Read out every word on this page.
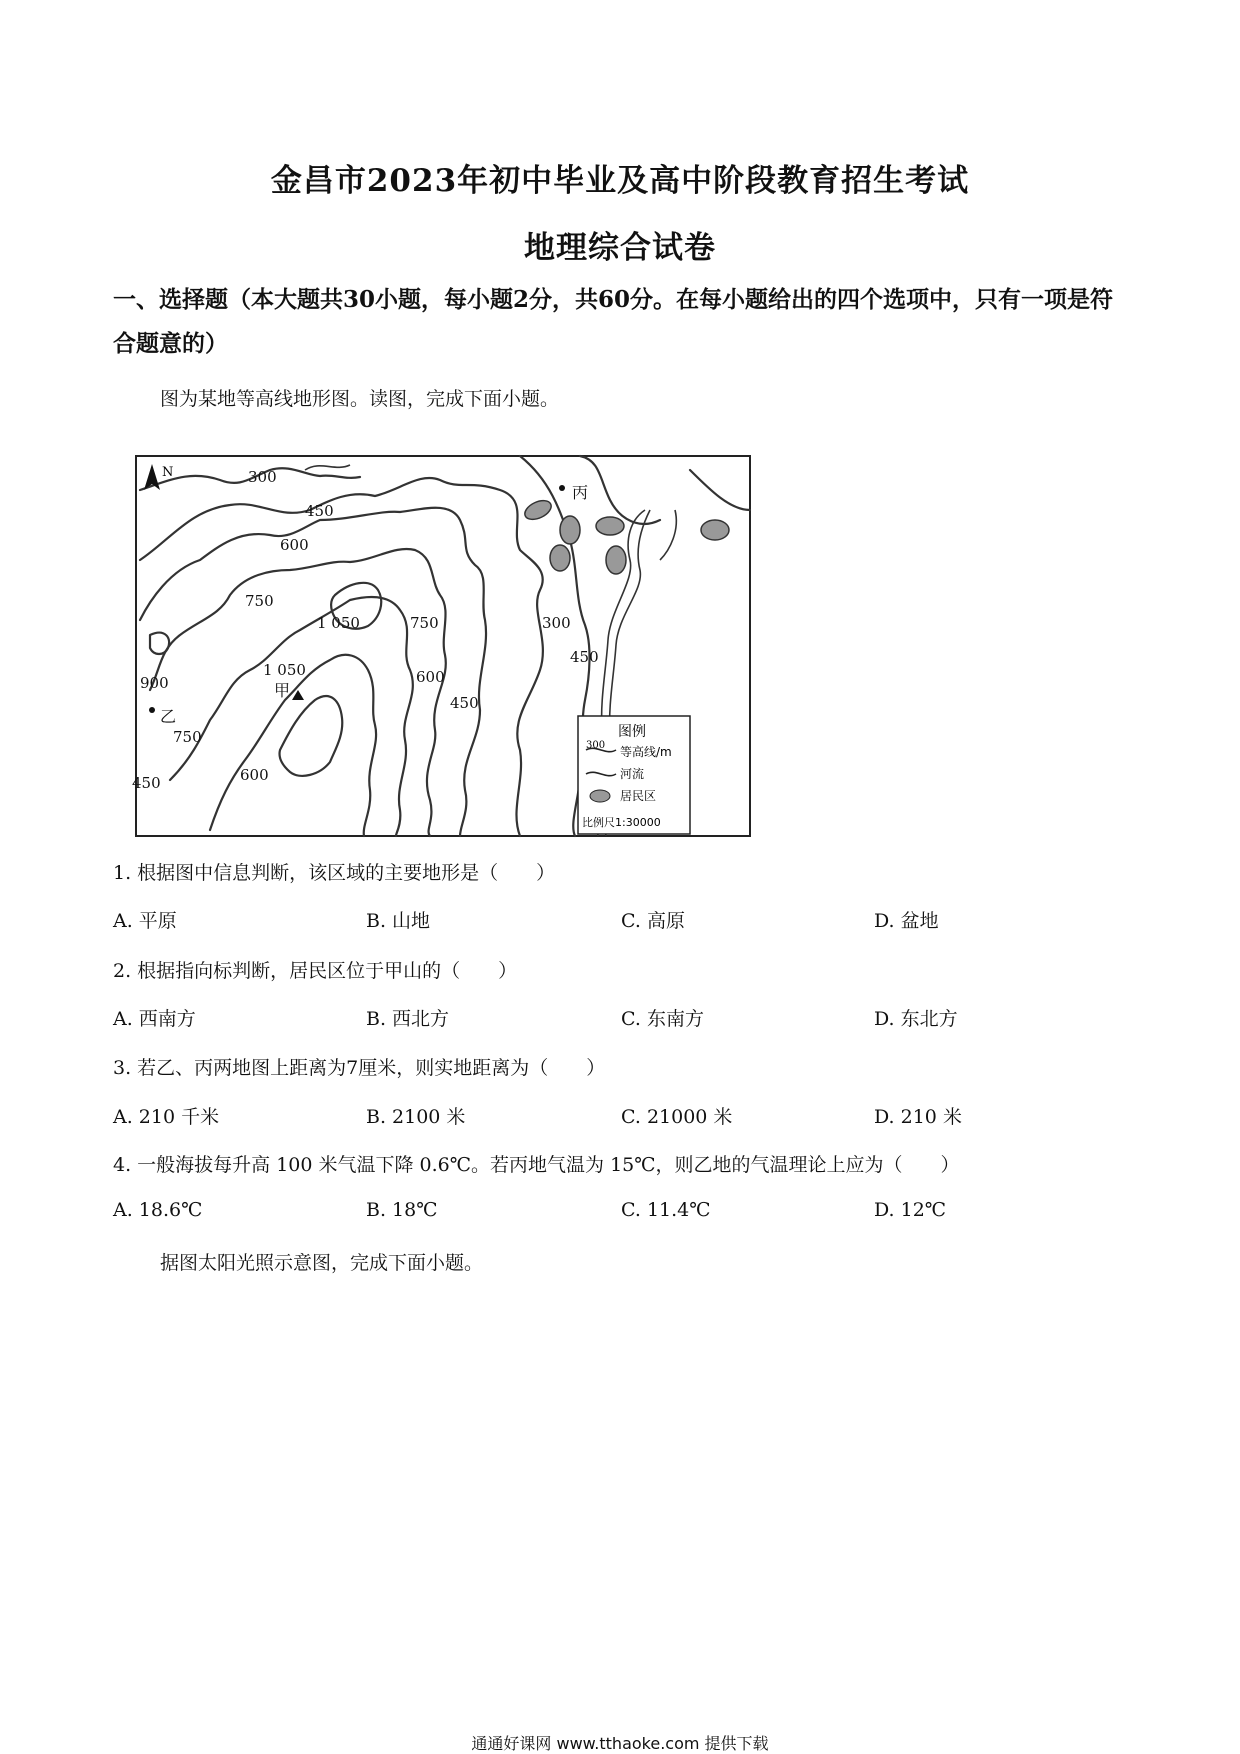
金昌市2023年初中毕业及高中阶段教育招生考试
地理综合试卷
一、选择题（本大题共30小题，每小题2分，共60分。在每小题给出的四个选项中，只有一项是符合题意的）
图为某地等高线地形图。读图，完成下面小题。
N	300
450
600
750
1 050
1 050
750
600
450
300
450
900
750
450	600
甲
乙
丙
图例
300 等高线/m
河流
居民区
比例尺1:30000
1. 根据图中信息判断，该区域的主要地形是（　　）
A. 平原	B. 山地	C. 高原	D. 盆地
2. 根据指向标判断，居民区位于甲山的（　　）
A. 西南方	B. 西北方	C. 东南方	D. 东北方
3. 若乙、丙两地图上距离为7厘米，则实地距离为（　　）
A. 210 千米	B. 2100 米	C. 21000 米	D. 210 米
4. 一般海拔每升高 100 米气温下降 0.6℃。若丙地气温为 15℃，则乙地的气温理论上应为（　　）
A. 18.6℃	B. 18℃	C. 11.4℃	D. 12℃
据图太阳光照示意图，完成下面小题。
通通好课网 www.tthaoke.com 提供下载
